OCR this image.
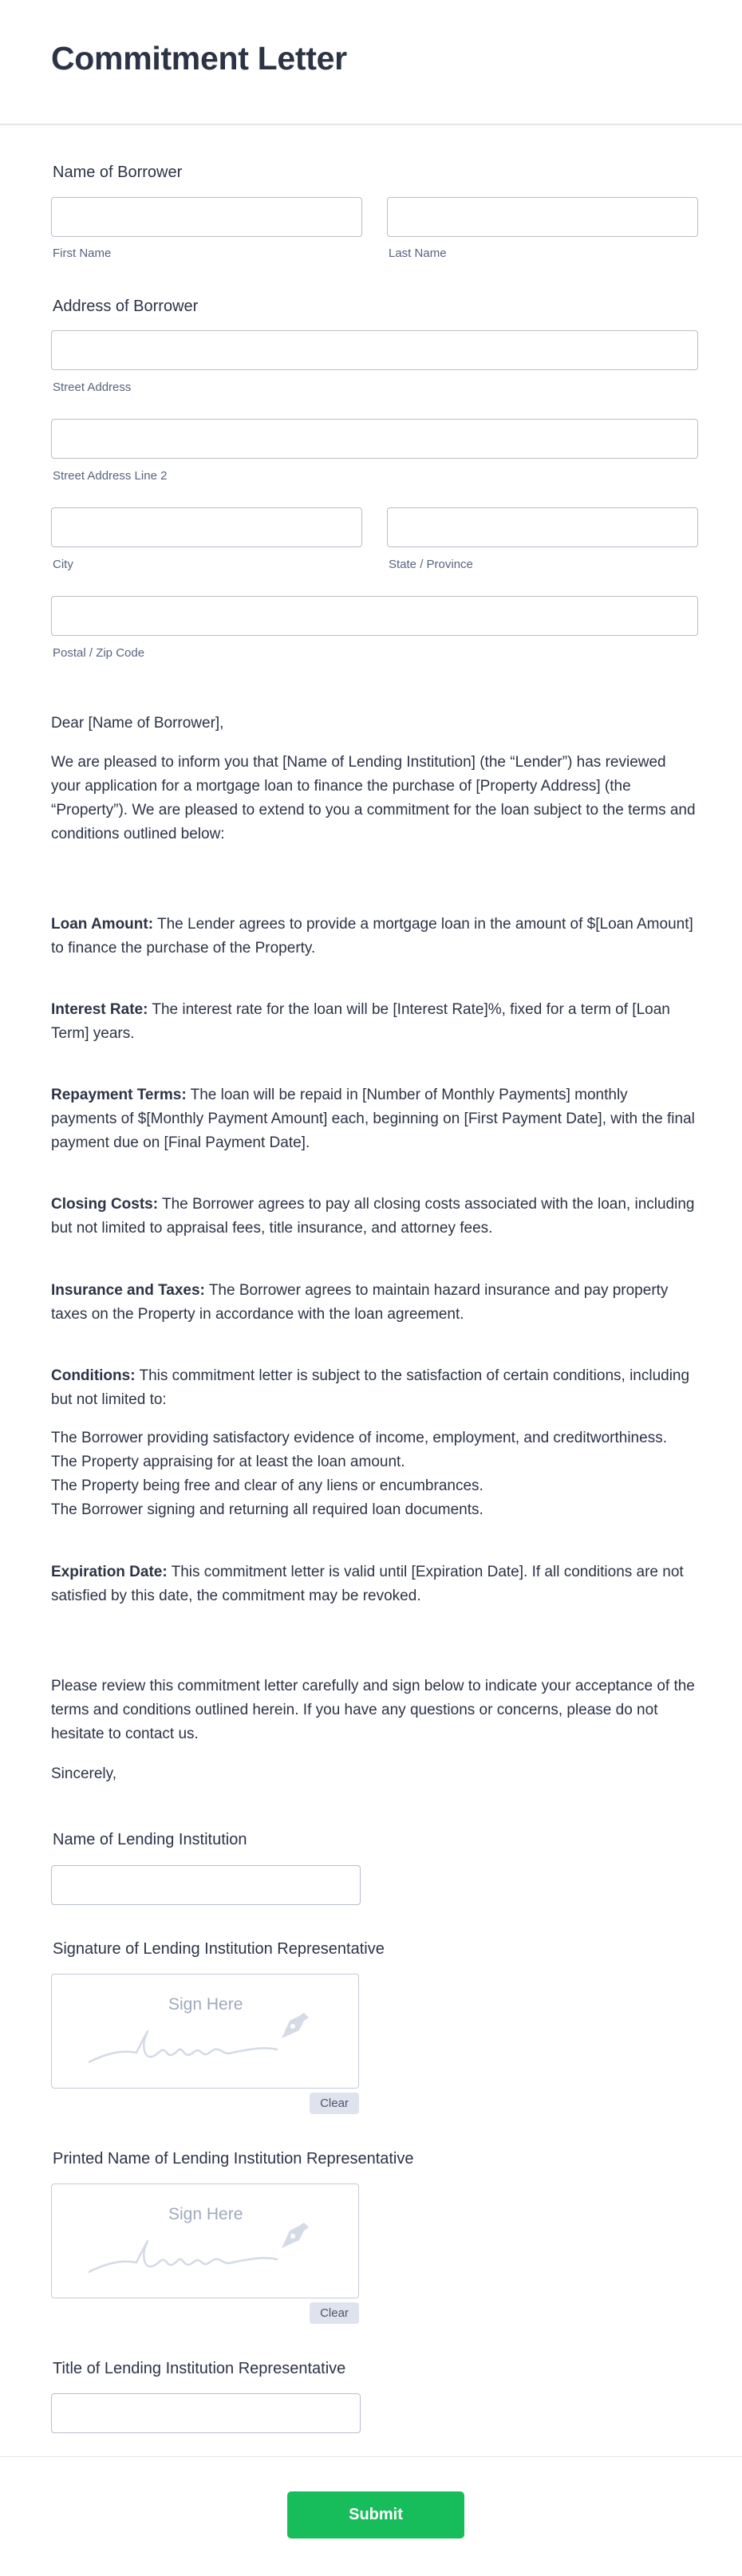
Commitment Letter
Name of Borrower
First Name	Last Name
Address of Borrower
Street Address
Street Address Line 2
City	State / Province
Postal / Zip Code
Dear [Name of Borrower],
We are pleased to inform you that [Name of Lending Institution] (the “Lender”) has reviewed your application for a mortgage loan to finance the purchase of [Property Address] (the “Property”). We are pleased to extend to you a commitment for the loan subject to the terms and conditions outlined below:
Loan Amount: The Lender agrees to provide a mortgage loan in the amount of $[Loan Amount] to finance the purchase of the Property.
Interest Rate: The interest rate for the loan will be [Interest Rate]%, fixed for a term of [Loan Term] years.
Repayment Terms: The loan will be repaid in [Number of Monthly Payments] monthly payments of $[Monthly Payment Amount] each, beginning on [First Payment Date], with the final payment due on [Final Payment Date].
Closing Costs: The Borrower agrees to pay all closing costs associated with the loan, including but not limited to appraisal fees, title insurance, and attorney fees.
Insurance and Taxes: The Borrower agrees to maintain hazard insurance and pay property taxes on the Property in accordance with the loan agreement.
Conditions: This commitment letter is subject to the satisfaction of certain conditions, including but not limited to:
The Borrower providing satisfactory evidence of income, employment, and creditworthiness.
The Property appraising for at least the loan amount.
The Property being free and clear of any liens or encumbrances.
The Borrower signing and returning all required loan documents.
Expiration Date: This commitment letter is valid until [Expiration Date]. If all conditions are not satisfied by this date, the commitment may be revoked.
Please review this commitment letter carefully and sign below to indicate your acceptance of the terms and conditions outlined herein. If you have any questions or concerns, please do not hesitate to contact us.
Sincerely,
Name of Lending Institution
Signature of Lending Institution Representative
Sign Here
Clear
Printed Name of Lending Institution Representative
Sign Here
Clear
Title of Lending Institution Representative
Submit
